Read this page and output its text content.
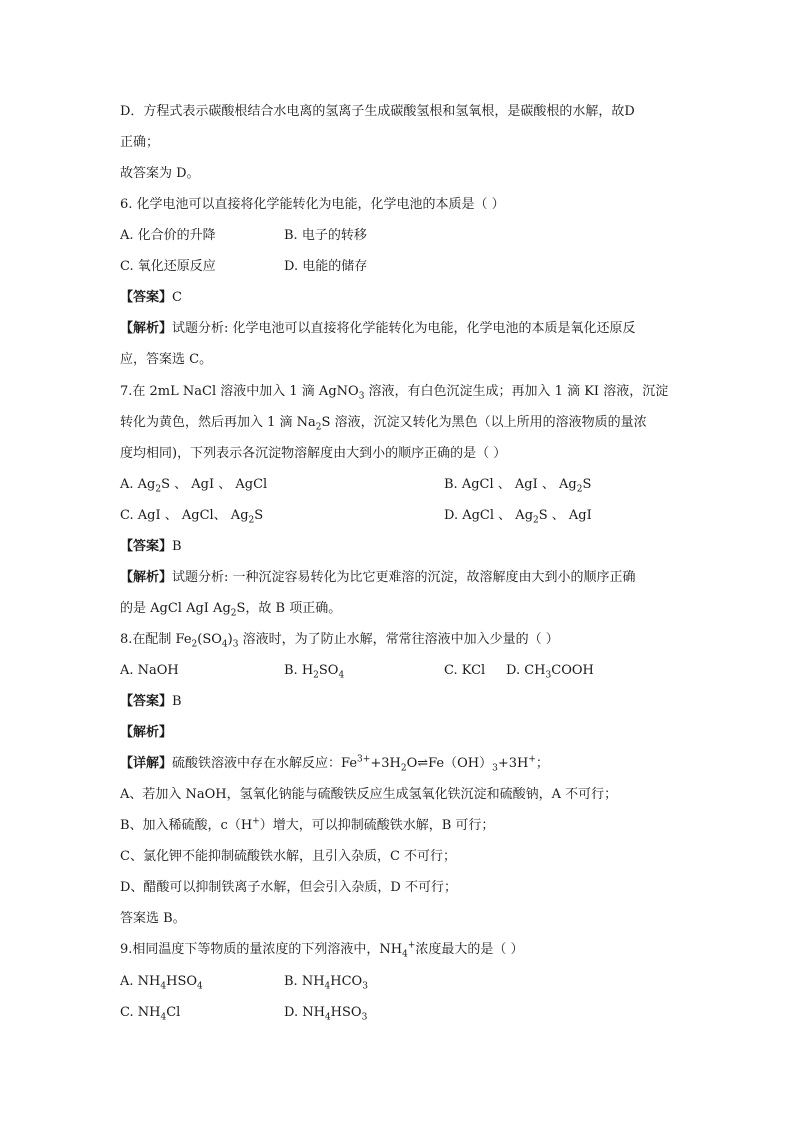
D．方程式表示碳酸根结合水电离的氢离子生成碳酸氢根和氢氧根，是碳酸根的水解，故D
正确；
故答案为 D。
6. 化学电池可以直接将化学能转化为电能，化学电池的本质是（ ）
A. 化合价的升降	B. 电子的转移
C. 氧化还原反应	D. 电能的储存
【答案】C
【解析】试题分析: 化学电池可以直接将化学能转化为电能，化学电池的本质是氧化还原反
应，答案选 C。
7.在 2mL NaCl 溶液中加入 1 滴 AgNO$_3$ 溶液，有白色沉淀生成；再加入 1 滴 KI 溶液，沉淀
转化为黄色，然后再加入 1 滴 $Na_2S$ 溶液，沉淀又转化为黑色（以上所用的溶液物质的量浓
度均相同)，下列表示各沉淀物溶解度由大到小的顺序正确的是（ ）
A. $Ag_2S$ 、 AgI 、 AgCl	B. AgCl 、 AgI 、 $Ag_2S$
C. AgI 、 AgCl、 $Ag_2S$	D. AgCl 、 $Ag_2S$ 、 AgI
【答案】B
【解析】试题分析: 一种沉淀容易转化为比它更难溶的沉淀，故溶解度由大到小的顺序正确
的是 AgCl AgI $Ag_2S$，故 B 项正确。
8.在配制 $Fe_2(SO_4)_3$ 溶液时，为了防止水解，常常往溶液中加入少量的（ ）
A. NaOH	B. $H_2SO_4$	C. KCl D. $CH_3COOH$
【答案】B
【解析】
【详解】硫酸铁溶液中存在水解反应：$Fe^{3+}+3H_2O\rightleftharpoons Fe(OH)_3+3H^+$；
A、若加入 NaOH，氢氧化钠能与硫酸铁反应生成氢氧化铁沉淀和硫酸钠，A 不可行；
B、加入稀硫酸，c（H+）增大，可以抑制硫酸铁水解，B 可行；
C、氯化钾不能抑制硫酸铁水解，且引入杂质，C 不可行；
D、醋酸可以抑制铁离子水解，但会引入杂质，D 不可行；
答案选 B。
9.相同温度下等物质的量浓度的下列溶液中，$NH_4^+$浓度最大的是（ ）
A. $NH_4HSO_4$	B. $NH_4HCO_3$
C. $NH_4Cl$	D. $NH_4HSO_3$
